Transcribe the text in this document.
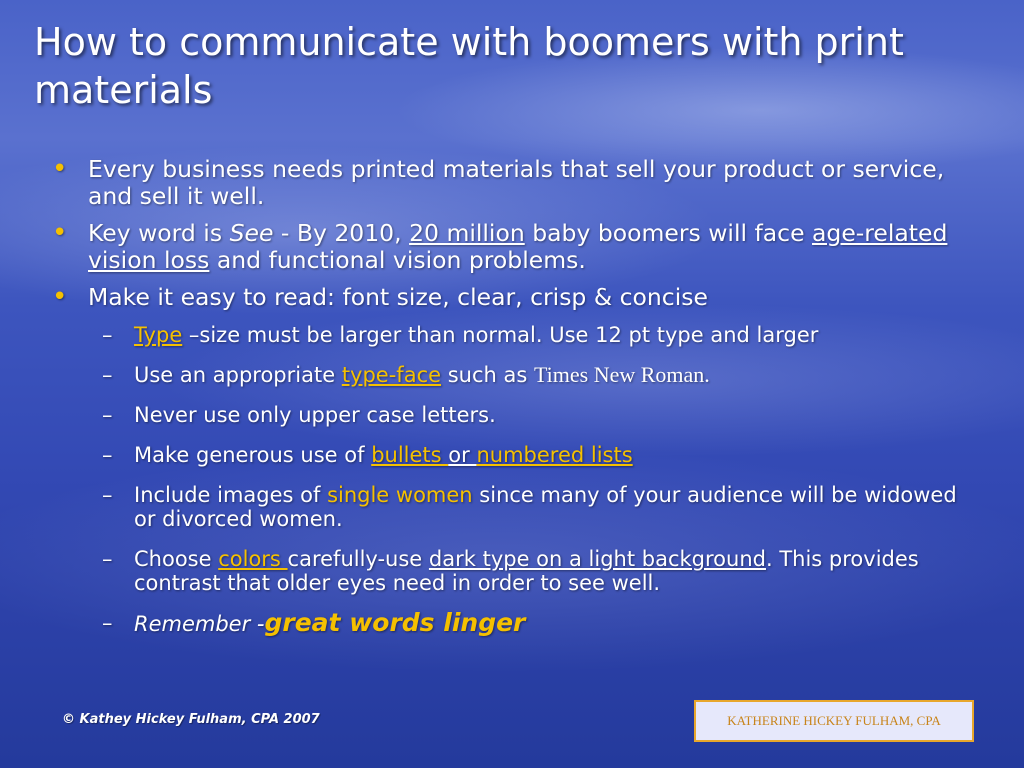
How to communicate with boomers with print materials
• Every business needs printed materials that sell your product or service, and sell it well.
• Key word is See - By 2010, 20 million baby boomers will face age-related vision loss and functional vision problems.
• Make it easy to read: font size, clear, crisp & concise
– Type –size must be larger than normal. Use 12 pt type and larger
– Use an appropriate type-face such as Times New Roman.
– Never use only upper case letters.
– Make generous use of bullets or numbered lists
– Include images of single women since many of your audience will be widowed or divorced women.
– Choose colors carefully-use dark type on a light background. This provides contrast that older eyes need in order to see well.
– Remember -great words linger
© Kathey Hickey Fulham, CPA 2007	KATHERINE HICKEY FULHAM, CPA
